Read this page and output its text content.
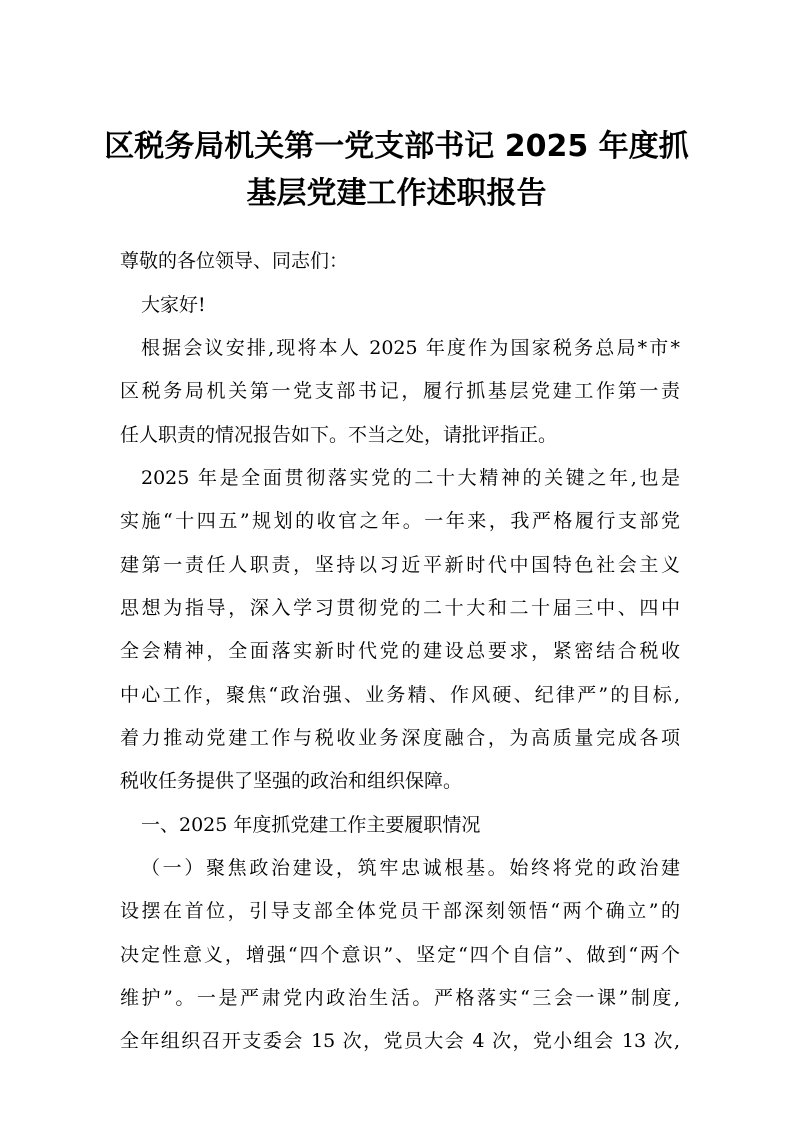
区税务局机关第一党支部书记 2025 年度抓
基层党建工作述职报告

尊敬的各位领导、同志们：

大家好!

根据会议安排,现将本人 2025 年度作为国家税务总局*市*

区税务局机关第一党支部书记，履行抓基层党建工作第一责

任人职责的情况报告如下。不当之处，请批评指正。

2025 年是全面贯彻落实党的二十大精神的关键之年,也是

实施“十四五”规划的收官之年。一年来，我严格履行支部党

建第一责任人职责，坚持以习近平新时代中国特色社会主义

思想为指导，深入学习贯彻党的二十大和二十届三中、四中

全会精神，全面落实新时代党的建设总要求，紧密结合税收

中心工作，聚焦“政治强、业务精、作风硬、纪律严”的目标,

着力推动党建工作与税收业务深度融合，为高质量完成各项

税收任务提供了坚强的政治和组织保障。

一、2025 年度抓党建工作主要履职情况

（一）聚焦政治建设，筑牢忠诚根基。始终将党的政治建

设摆在首位，引导支部全体党员干部深刻领悟“两个确立”的

决定性意义，增强“四个意识”、坚定“四个自信”、做到“两个

维护”。一是严肃党内政治生活。严格落实“三会一课”制度,

全年组织召开支委会 15 次，党员大会 4 次，党小组会 13 次,
